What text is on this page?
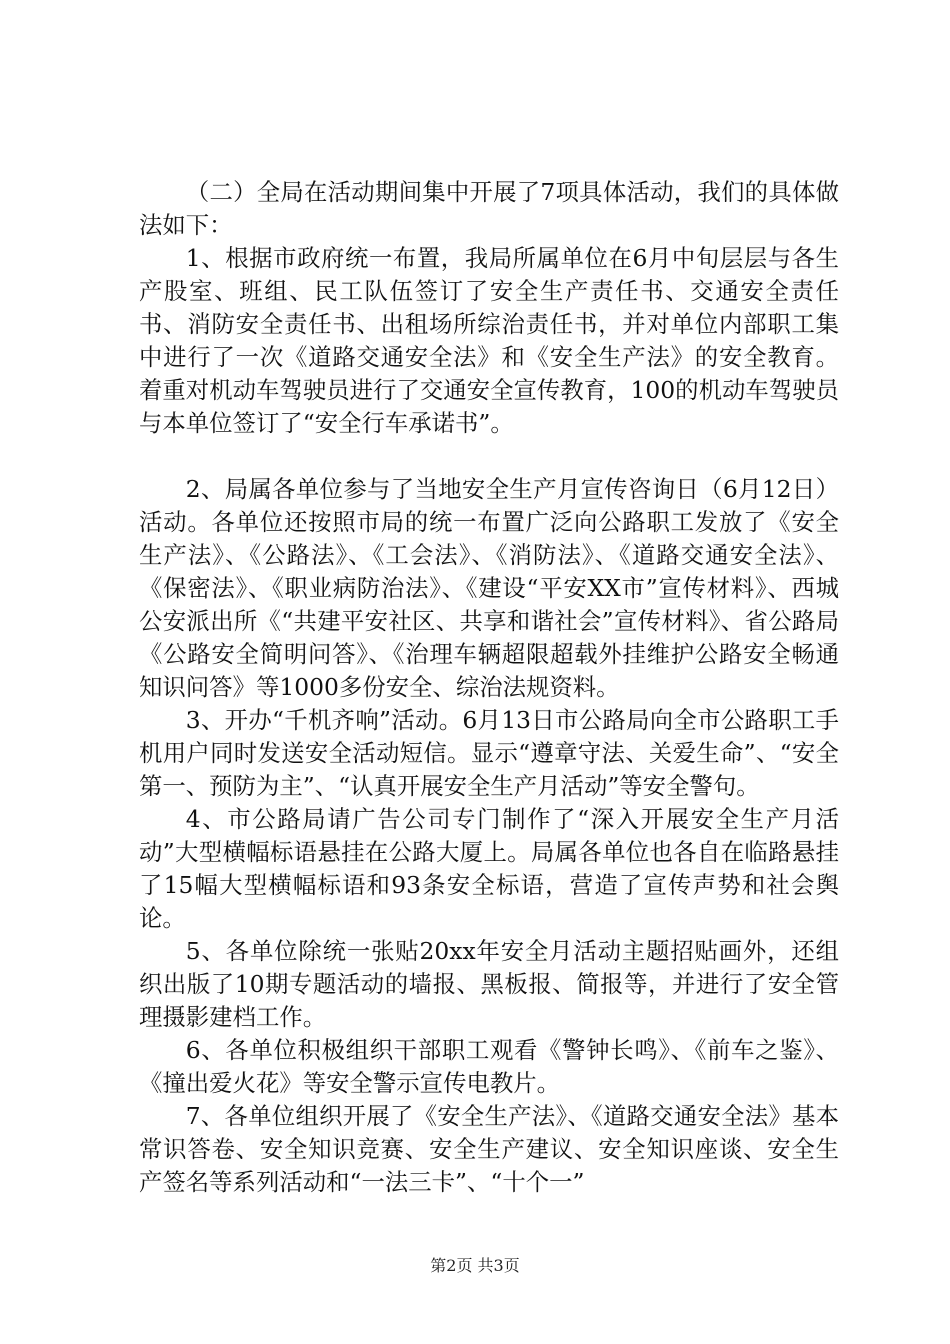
（二）全局在活动期间集中开展了7项具体活动，我们的具体做法如下：

1、根据市政府统一布置，我局所属单位在6月中旬层层与各生产股室、班组、民工队伍签订了安全生产责任书、交通安全责任书、消防安全责任书、出租场所综治责任书，并对单位内部职工集中进行了一次《道路交通安全法》和《安全生产法》的安全教育。着重对机动车驾驶员进行了交通安全宣传教育，100的机动车驾驶员与本单位签订了“安全行车承诺书”。

2、局属各单位参与了当地安全生产月宣传咨询日（6月12日）活动。各单位还按照市局的统一布置广泛向公路职工发放了《安全生产法》、《公路法》、《工会法》、《消防法》、《道路交通安全法》、《保密法》、《职业病防治法》、《建设“平安XX市”宣传材料》、西城公安派出所《“共建平安社区、共享和谐社会”宣传材料》、省公路局《公路安全简明问答》、《治理车辆超限超载外挂维护公路安全畅通知识问答》等1000多份安全、综治法规资料。

3、开办“千机齐响”活动。6月13日市公路局向全市公路职工手机用户同时发送安全活动短信。显示“遵章守法、关爱生命”、“安全第一、预防为主”、“认真开展安全生产月活动”等安全警句。

4、市公路局请广告公司专门制作了“深入开展安全生产月活动”大型横幅标语悬挂在公路大厦上。局属各单位也各自在临路悬挂了15幅大型横幅标语和93条安全标语，营造了宣传声势和社会舆论。

5、各单位除统一张贴20xx年安全月活动主题招贴画外，还组织出版了10期专题活动的墙报、黑板报、简报等，并进行了安全管理摄影建档工作。

6、各单位积极组织干部职工观看《警钟长鸣》、《前车之鉴》、《撞出爱火花》等安全警示宣传电教片。

7、各单位组织开展了《安全生产法》、《道路交通安全法》基本常识答卷、安全知识竞赛、安全生产建议、安全知识座谈、安全生产签名等系列活动和“一法三卡”、“十个一”

第2页 共3页
